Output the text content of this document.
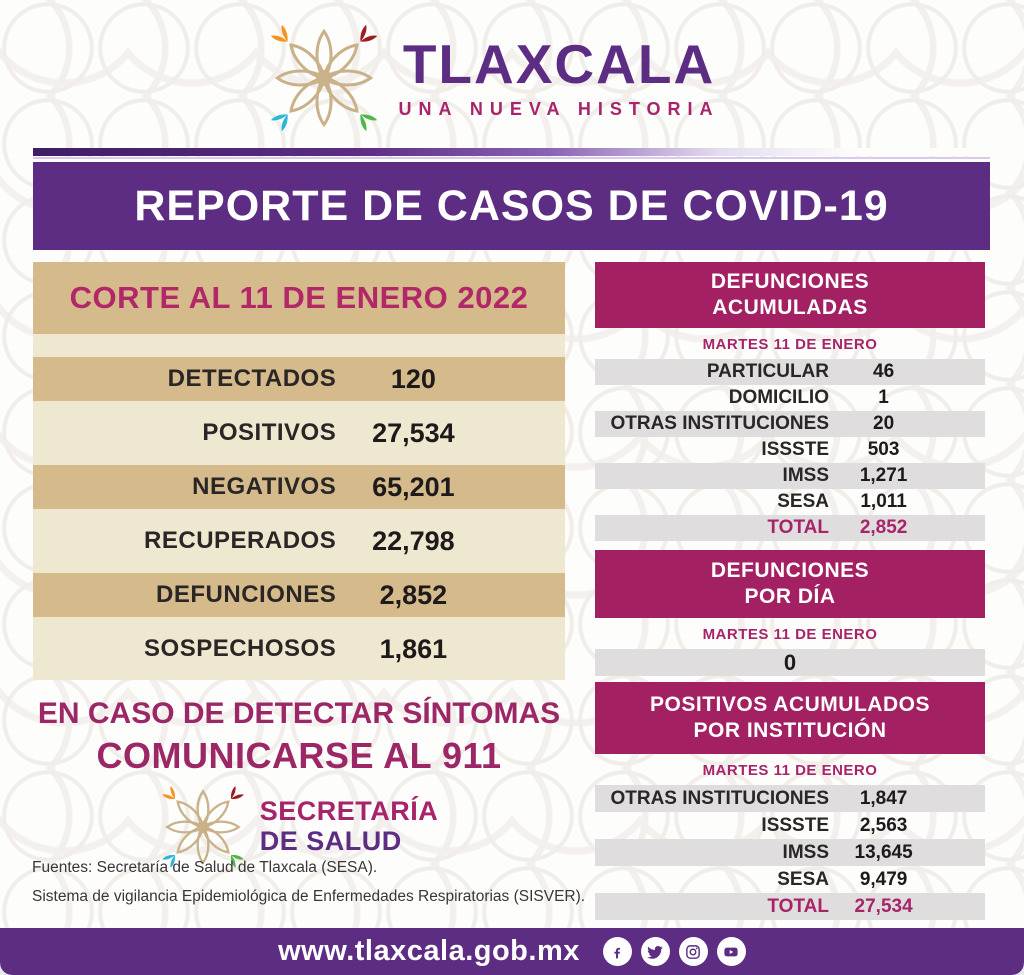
TLAXCALA
UNA NUEVA HISTORIA
REPORTE DE CASOS DE COVID-19
CORTE AL 11 DE ENERO 2022
DETECTADOS	120
POSITIVOS	27,534
NEGATIVOS	65,201
RECUPERADOS	22,798
DEFUNCIONES	2,852
SOSPECHOSOS	1,861
EN CASO DE DETECTAR SÍNTOMAS
COMUNICARSE AL 911
SECRETARÍA
DE SALUD
Fuentes: Secretaría de Salud de Tlaxcala (SESA).
Sistema de vigilancia Epidemiológica de Enfermedades Respiratorias (SISVER).
DEFUNCIONES
ACUMULADAS
MARTES 11 DE ENERO
PARTICULAR	46
DOMICILIO	1
OTRAS INSTITUCIONES	20
ISSSTE	503
IMSS	1,271
SESA	1,011
TOTAL	2,852
DEFUNCIONES
POR DÍA
MARTES 11 DE ENERO
0
POSITIVOS ACUMULADOS
POR INSTITUCIÓN
MARTES 11 DE ENERO
OTRAS INSTITUCIONES	1,847
ISSSTE	2,563
IMSS	13,645
SESA	9,479
TOTAL	27,534
www.tlaxcala.gob.mx
